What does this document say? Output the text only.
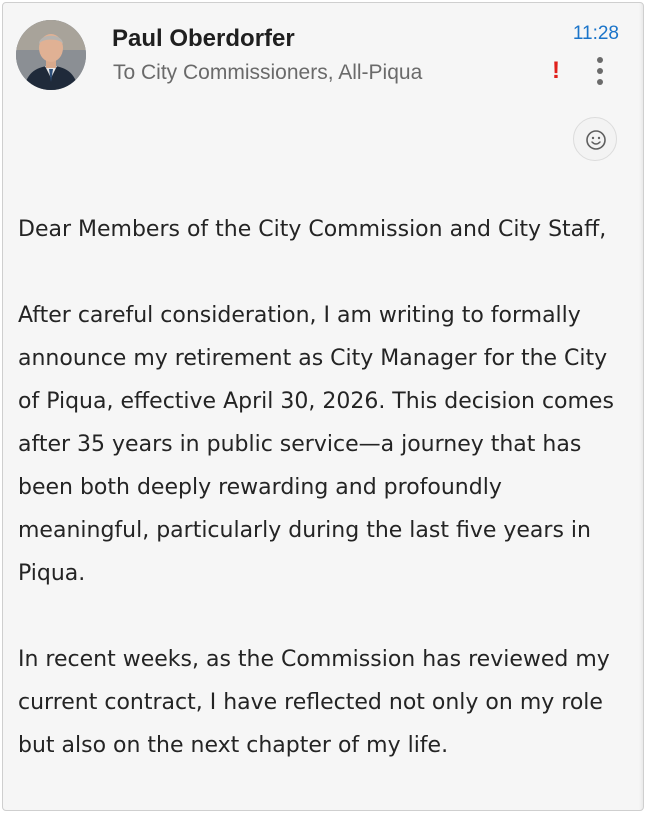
Paul Oberdorfer
To City Commissioners, All-Piqua
11:28
!

Dear Members of the City Commission and City Staff,

After careful consideration, I am writing to formally announce my retirement as City Manager for the City of Piqua, effective April 30, 2026. This decision comes after 35 years in public service—a journey that has been both deeply rewarding and profoundly meaningful, particularly during the last five years in Piqua.

In recent weeks, as the Commission has reviewed my current contract, I have reflected not only on my role but also on the next chapter of my life.
